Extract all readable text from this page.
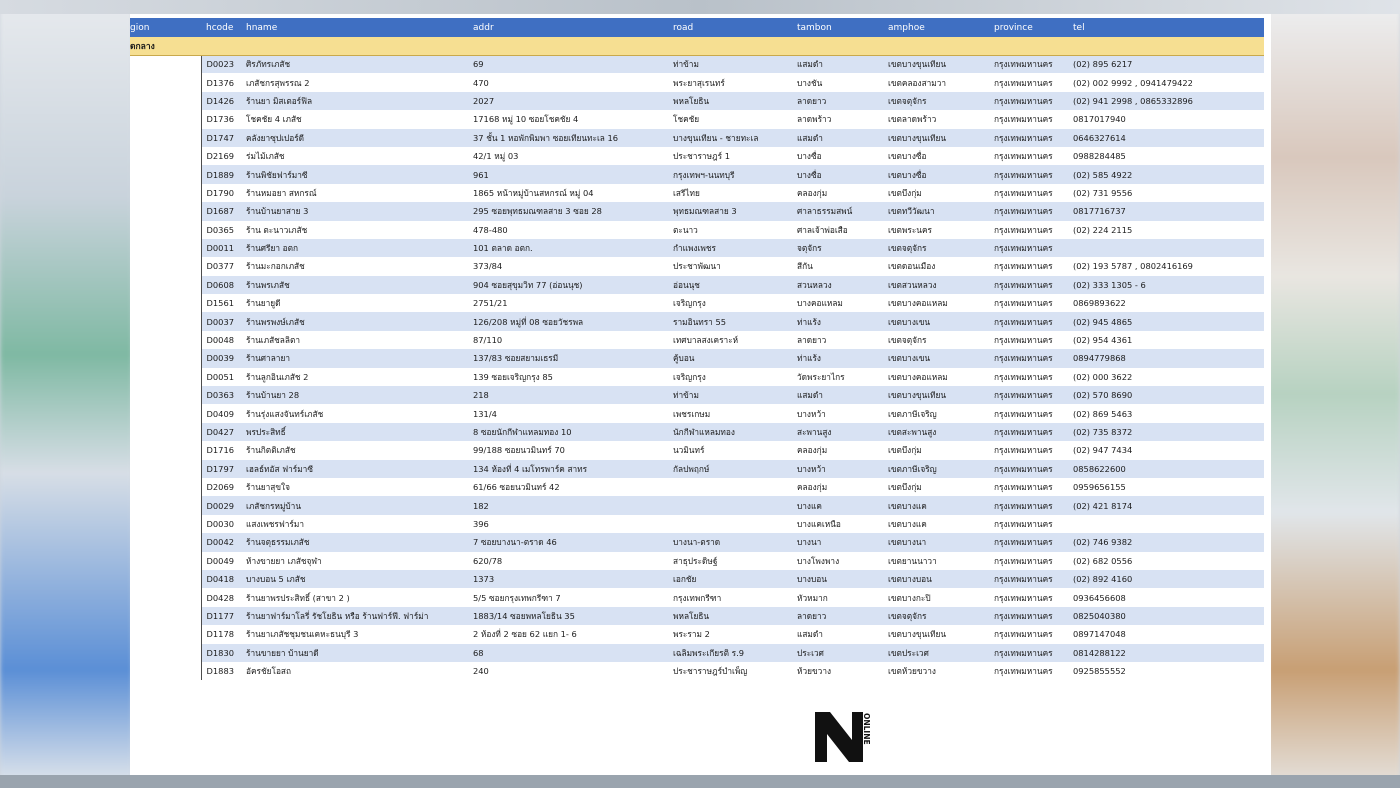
gion	hcode	hname	addr	road	tambon	amphoe	province	tel
ดกลาง								
	D0023	ศิรภัทรเภสัช	69	ท่าข้าม	แสมดำ	เขตบางขุนเทียน	กรุงเทพมหานคร	(02) 895 6217
	D1376	เภสัชกรสุพรรณ 2	470	พระยาสุเรนทร์	บางชัน	เขตคลองสามวา	กรุงเทพมหานคร	(02) 002 9992 , 0941479422
	D1426	ร้านยา มิสเตอร์ฟิล	2027	พหลโยธิน	ลาดยาว	เขตจตุจักร	กรุงเทพมหานคร	(02) 941 2998 , 0865332896
	D1736	โชคชัย 4 เภสัช	17168 หมู่ 10 ซอยโชคชัย 4	โชคชัย	ลาดพร้าว	เขตลาดพร้าว	กรุงเทพมหานคร	0817017940
	D1747	คลังยาซุปเปอร์ดี	37 ชั้น 1 หอพักพิมพา ซอยเทียนทะเล 16	บางขุนเทียน - ชายทะเล	แสมดำ	เขตบางขุนเทียน	กรุงเทพมหานคร	0646327614
	D2169	ร่มไม้เภสัช	42/1 หมู่ 03	ประชาราษฎร์ 1	บางซื่อ	เขตบางซื่อ	กรุงเทพมหานคร	0988284485
	D1889	ร้านพิชัยฟาร์มาซี	961	กรุงเทพฯ-นนทบุรี	บางซื่อ	เขตบางซื่อ	กรุงเทพมหานคร	(02) 585 4922
	D1790	ร้านหมอยา สหกรณ์	1865 หน้าหมู่บ้านสหกรณ์ หมู่ 04	เสรีไทย	คลองกุ่ม	เขตบึงกุ่ม	กรุงเทพมหานคร	(02) 731 9556
	D1687	ร้านบ้านยาสาย 3	295 ซอยพุทธมณฑลสาย 3 ซอย 28	พุทธมณฑลสาย 3	ศาลาธรรมสพน์	เขตทวีวัฒนา	กรุงเทพมหานคร	0817716737
	D0365	ร้าน ตะนาวเภสัช	478-480	ตะนาว	ศาลเจ้าพ่อเสือ	เขตพระนคร	กรุงเทพมหานคร	(02) 224 2115
	D0011	ร้านศรียา อตก	101 ตลาด อตก.	กำแพงเพชร	จตุจักร	เขตจตุจักร	กรุงเทพมหานคร	
	D0377	ร้านมะกอกเภสัช	373/84	ประชาพัฒนา	สีกัน	เขตดอนเมือง	กรุงเทพมหานคร	(02) 193 5787 , 0802416169
	D0608	ร้านพรเภสัช	904 ซอยสุขุมวิท 77 (อ่อนนุช)	อ่อนนุช	สวนหลวง	เขตสวนหลวง	กรุงเทพมหานคร	(02) 333 1305 - 6
	D1561	ร้านยายูดี	2751/21	เจริญกรุง	บางคอแหลม	เขตบางคอแหลม	กรุงเทพมหานคร	0869893622
	D0037	ร้านพรพงษ์เภสัช	126/208 หมู่ที่ 08 ซอยวัชรพล	รามอินทรา 55	ท่าแร้ง	เขตบางเขน	กรุงเทพมหานคร	(02) 945 4865
	D0048	ร้านเภสัชลลิตา	87/110	เทศบาลสงเคราะห์	ลาดยาว	เขตจตุจักร	กรุงเทพมหานคร	(02) 954 4361
	D0039	ร้านศาลายา	137/83 ซอยสยามเธรมี	คู้บอน	ท่าแร้ง	เขตบางเขน	กรุงเทพมหานคร	0894779868
	D0051	ร้านลูกอินเภสัช 2	139 ซอยเจริญกรุง 85	เจริญกรุง	วัดพระยาไกร	เขตบางคอแหลม	กรุงเทพมหานคร	(02) 000 3622
	D0363	ร้านบ้านยา 28	218	ท่าข้าม	แสมดำ	เขตบางขุนเทียน	กรุงเทพมหานคร	(02) 570 8690
	D0409	ร้านรุ่งแสงจันทร์เภสัช	131/4	เพชรเกษม	บางหว้า	เขตภาษีเจริญ	กรุงเทพมหานคร	(02) 869 5463
	D0427	พรประสิทธิ์	8 ซอยนักกีฬาแหลมทอง 10	นักกีฬาแหลมทอง	สะพานสูง	เขตสะพานสูง	กรุงเทพมหานคร	(02) 735 8372
	D1716	ร้านกิตติเภสัช	99/188 ซอยนวมินทร์ 70	นวมินทร์	คลองกุ่ม	เขตบึงกุ่ม	กรุงเทพมหานคร	(02) 947 7434
	D1797	เฮลธ์ทอัส ฟาร์มาซี	134 ห้องที่ 4 เมโทรพาร์ค สาทร	กัลปพฤกษ์	บางหว้า	เขตภาษีเจริญ	กรุงเทพมหานคร	0858622600
	D2069	ร้านยาสุขใจ	61/66 ซอยนวมินทร์ 42		คลองกุ่ม	เขตบึงกุ่ม	กรุงเทพมหานคร	0959656155
	D0029	เภสัชกรหมู่บ้าน	182		บางแค	เขตบางแค	กรุงเทพมหานคร	(02) 421 8174
	D0030	แสงเพชรฟาร์มา	396		บางแคเหนือ	เขตบางแค	กรุงเทพมหานคร	
	D0042	ร้านจตุธรรมเภสัช	7 ซอยบางนา-ตราด 46	บางนา-ตราด	บางนา	เขตบางนา	กรุงเทพมหานคร	(02) 746 9382
	D0049	ห้างขายยา เภสัชจุฬา	620/78	สาธุประดิษฐ์	บางโพงพาง	เขตยานนาวา	กรุงเทพมหานคร	(02) 682 0556
	D0418	บางบอน 5 เภสัช	1373	เอกชัย	บางบอน	เขตบางบอน	กรุงเทพมหานคร	(02) 892 4160
	D0428	ร้านยาพรประสิทธิ์ (สาขา 2 )	5/5 ซอยกรุงเทพกรีฑา 7	กรุงเทพกรีฑา	หัวหมาก	เขตบางกะปิ	กรุงเทพมหานคร	0936456608
	D1177	ร้านยาฟาร์มาโลรี่ รัชโยธิน หรือ ร้านฟาร์ฟี. ฟาร์ม่า	1883/14 ซอยพหลโยธิน 35	พหลโยธิน	ลาดยาว	เขตจตุจักร	กรุงเทพมหานคร	0825040380
	D1178	ร้านยาเภสัชชุมชนเคหะธนบุรี 3	2 ห้องที่ 2 ซอย 62 แยก 1- 6	พระราม 2	แสมดำ	เขตบางขุนเทียน	กรุงเทพมหานคร	0897147048
	D1830	ร้านขายยา บ้านยาดี	68	เฉลิมพระเกียรติ ร.9	ประเวศ	เขตประเวศ	กรุงเทพมหานคร	0814288122
	D1883	อัครชัยโอสถ	240	ประชาราษฎร์บำเพ็ญ	ห้วยขวาง	เขตห้วยขวาง	กรุงเทพมหานคร	0925855552
ONLINE
